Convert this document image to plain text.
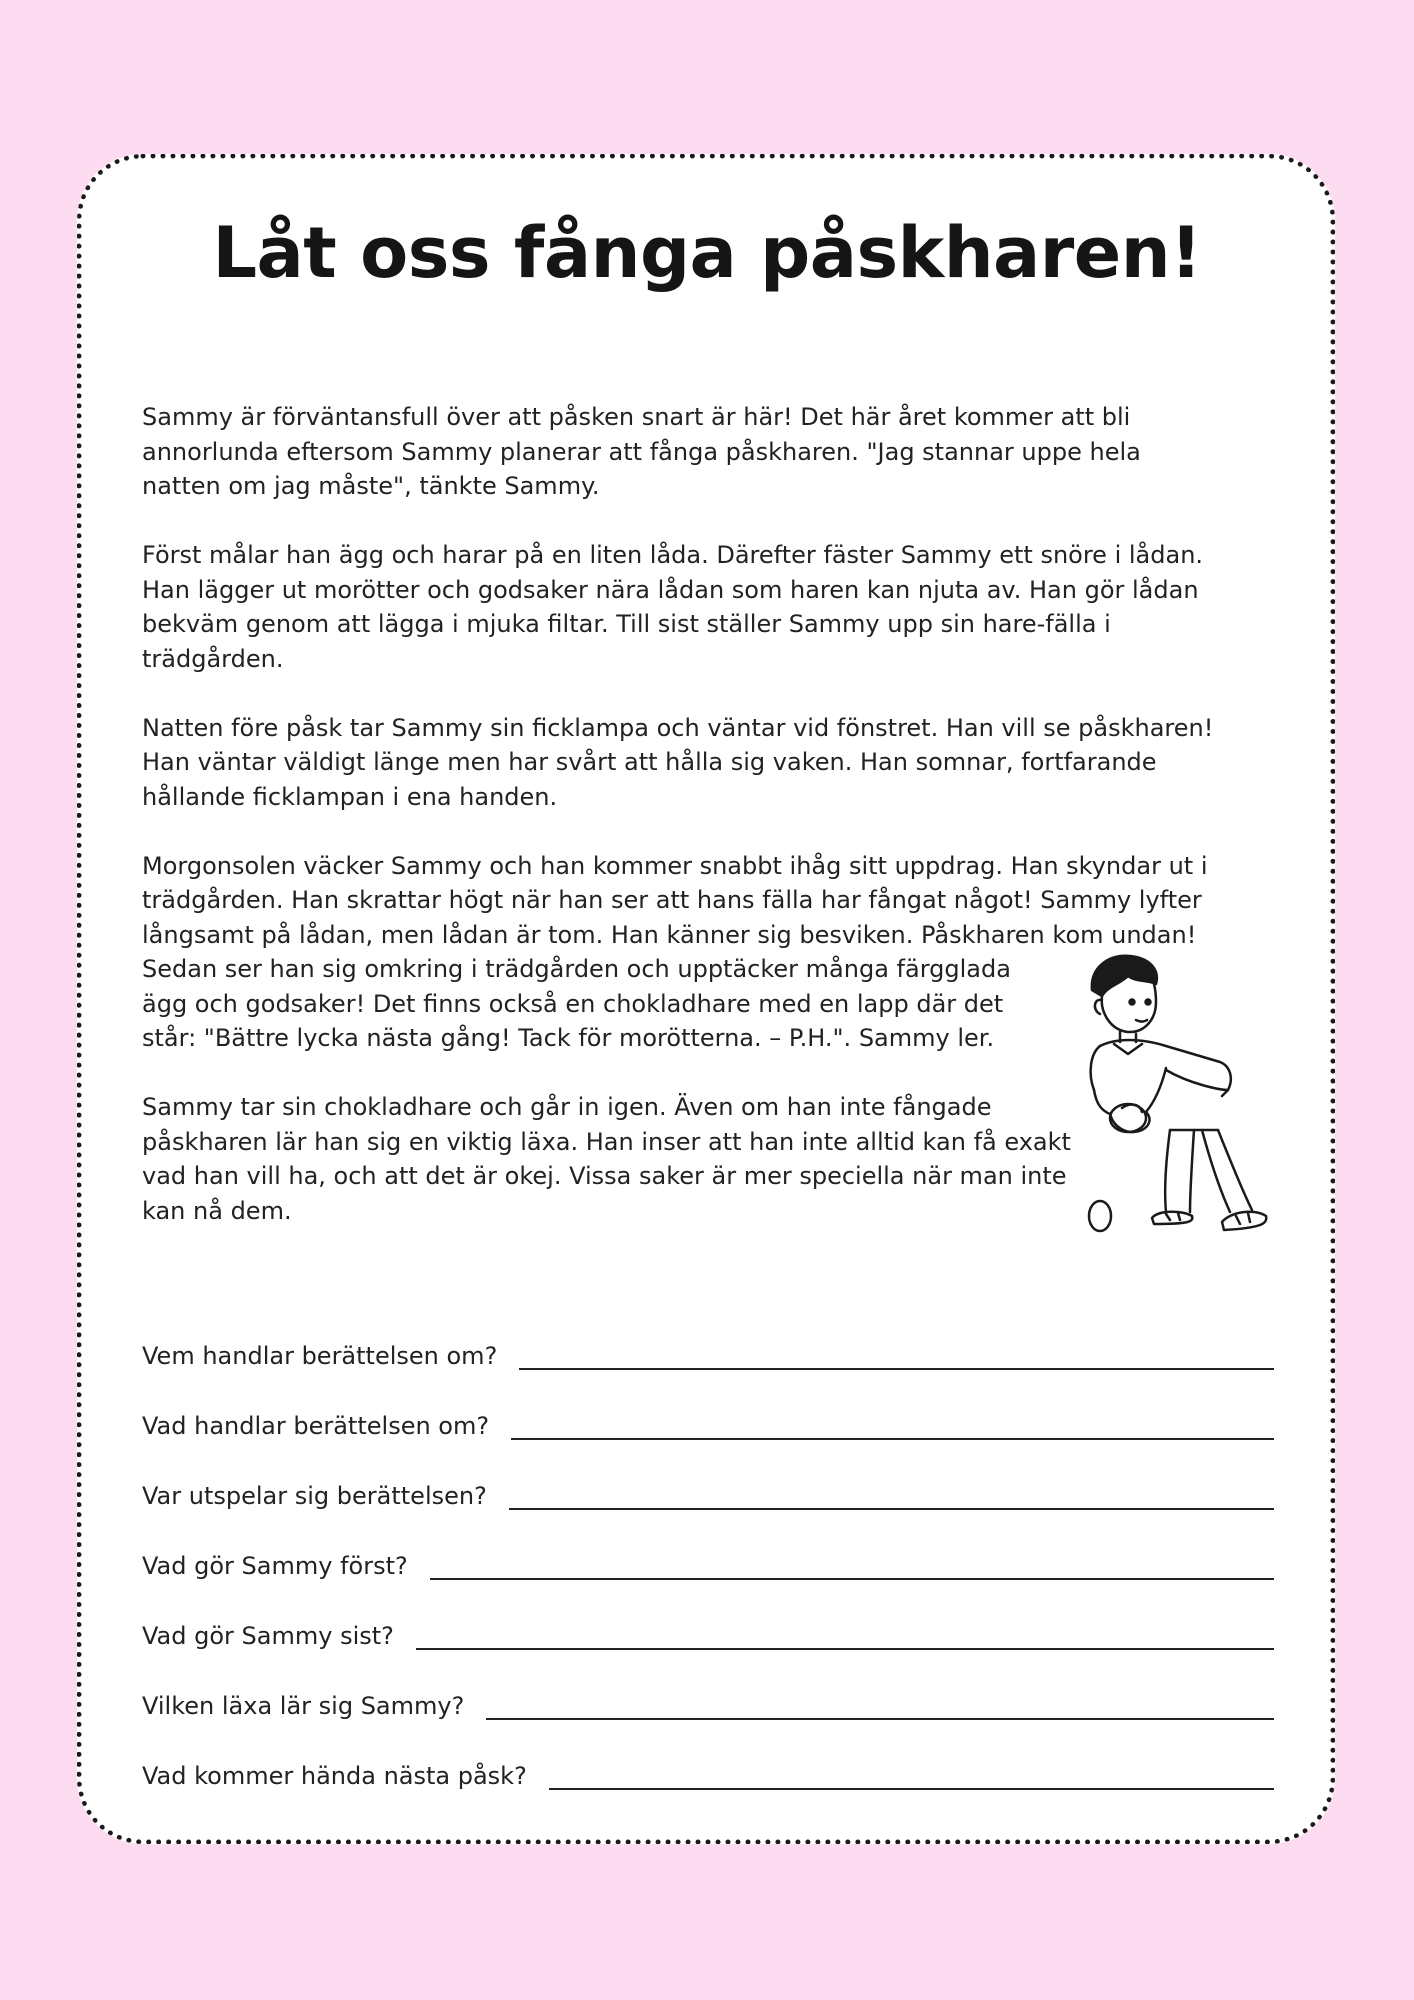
Låt oss fånga påskharen!

Sammy är förväntansfull över att påsken snart är här! Det här året kommer att bli
annorlunda eftersom Sammy planerar att fånga påskharen. "Jag stannar uppe hela
natten om jag måste", tänkte Sammy.

Först målar han ägg och harar på en liten låda. Därefter fäster Sammy ett snöre i lådan.
Han lägger ut morötter och godsaker nära lådan som haren kan njuta av. Han gör lådan
bekväm genom att lägga i mjuka filtar. Till sist ställer Sammy upp sin hare-fälla i
trädgården.

Natten före påsk tar Sammy sin ficklampa och väntar vid fönstret. Han vill se påskharen!
Han väntar väldigt länge men har svårt att hålla sig vaken. Han somnar, fortfarande
hållande ficklampan i ena handen.

Morgonsolen väcker Sammy och han kommer snabbt ihåg sitt uppdrag. Han skyndar ut i
trädgården. Han skrattar högt när han ser att hans fälla har fångat något! Sammy lyfter
långsamt på lådan, men lådan är tom. Han känner sig besviken. Påskharen kom undan!
Sedan ser han sig omkring i trädgården och upptäcker många färgglada
ägg och godsaker! Det finns också en chokladhare med en lapp där det
står: "Bättre lycka nästa gång! Tack för morötterna. – P.H.". Sammy ler.

Sammy tar sin chokladhare och går in igen. Även om han inte fångade
påskharen lär han sig en viktig läxa. Han inser att han inte alltid kan få exakt
vad han vill ha, och att det är okej. Vissa saker är mer speciella när man inte
kan nå dem.

Vem handlar berättelsen om?
Vad handlar berättelsen om?
Var utspelar sig berättelsen?
Vad gör Sammy först?
Vad gör Sammy sist?
Vilken läxa lär sig Sammy?
Vad kommer hända nästa påsk?
